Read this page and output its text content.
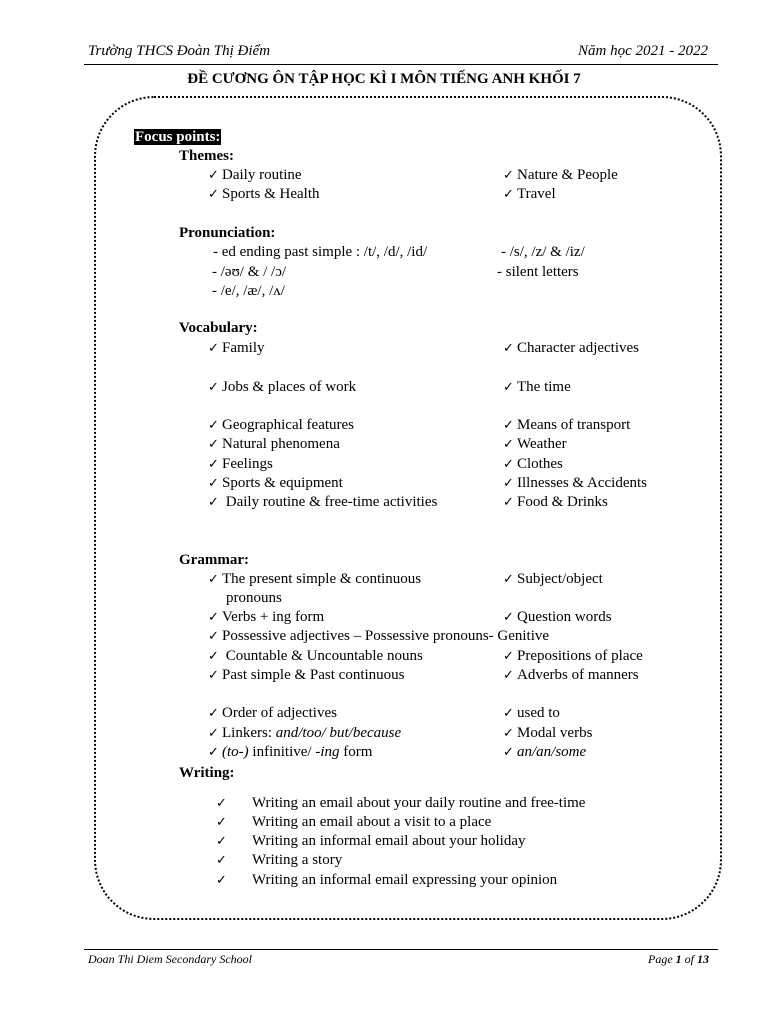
Trường THCS Đoàn Thị Điểm	Năm học 2021 - 2022
ĐỀ CƯƠNG ÔN TẬP HỌC KÌ I MÔN TIẾNG ANH KHỐI 7
Focus points:
Themes:
✓ Daily routine
✓ Sports & Health
✓ Nature & People
✓ Travel
Pronunciation:
- ed ending past simple : /t/, /d/, /id/
- /əʊ/ & / /ɔ/
- /e/, /æ/, /ʌ/
- /s/, /z/ & /iz/
- silent letters
Vocabulary:
✓ Family
✓ Jobs & places of work
✓ Geographical features
✓ Natural phenomena
✓ Feelings
✓ Sports & equipment
✓ Daily routine & free-time activities
✓ Character adjectives
✓ The time
✓ Means of transport
✓ Weather
✓ Clothes
✓ Illnesses & Accidents
✓ Food & Drinks
Grammar:
✓ The present simple & continuous
pronouns
✓ Verbs + ing form
✓ Possessive adjectives – Possessive pronouns- Genitive
✓ Countable & Uncountable nouns
✓ Past simple & Past continuous
✓ Order of adjectives
✓ Linkers: and/too/ but/because
✓ (to-) infinitive/ -ing form
✓ Subject/object
✓ Question words
✓ Prepositions of place
✓ Adverbs of manners
✓ used to
✓ Modal verbs
✓ an/an/some
Writing:
✓ Writing an email about your daily routine and free-time
✓ Writing an email about a visit to a place
✓ Writing an informal email about your holiday
✓ Writing a story
✓ Writing an informal email expressing your opinion
Doan Thi Diem Secondary School	Page 1 of 13
